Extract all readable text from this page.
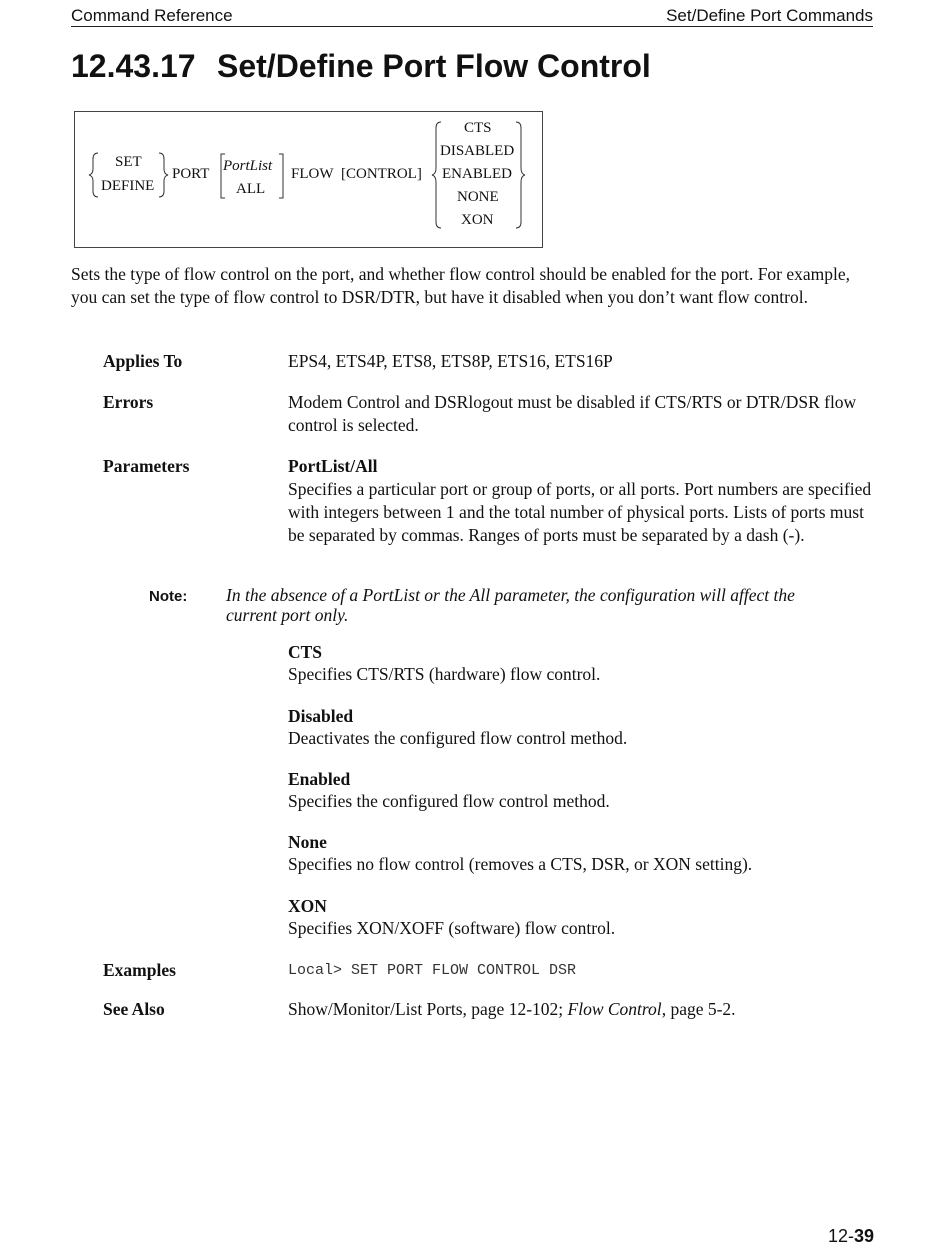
Command Reference	Set/Define Port Commands
12.43.17 Set/Define Port Flow Control
SET
DEFINE
PORT PortList
ALL
FLOW [CONTROL]
CTS
DISABLED
ENABLED
NONE
XON

Sets the type of flow control on the port, and whether flow control should be enabled for the port. For example, you can set the type of flow control to DSR/DTR, but have it disabled when you don’t want flow control.

Applies To	EPS4, ETS4P, ETS8, ETS8P, ETS16, ETS16P
Errors	Modem Control and DSRlogout must be disabled if CTS/RTS or DTR/DSR flow control is selected.
Parameters	PortList/All
Specifies a particular port or group of ports, or all ports. Port numbers are specified with integers between 1 and the total number of physical ports. Lists of ports must be separated by commas. Ranges of ports must be separated by a dash (-).
Note: In the absence of a PortList or the All parameter, the configuration will affect the current port only.
CTS
Specifies CTS/RTS (hardware) flow control.
Disabled
Deactivates the configured flow control method.
Enabled
Specifies the configured flow control method.
None
Specifies no flow control (removes a CTS, DSR, or XON setting).
XON
Specifies XON/XOFF (software) flow control.
Examples	Local> SET PORT FLOW CONTROL DSR
See Also	Show/Monitor/List Ports, page 12-102; Flow Control, page 5-2.
12-39
